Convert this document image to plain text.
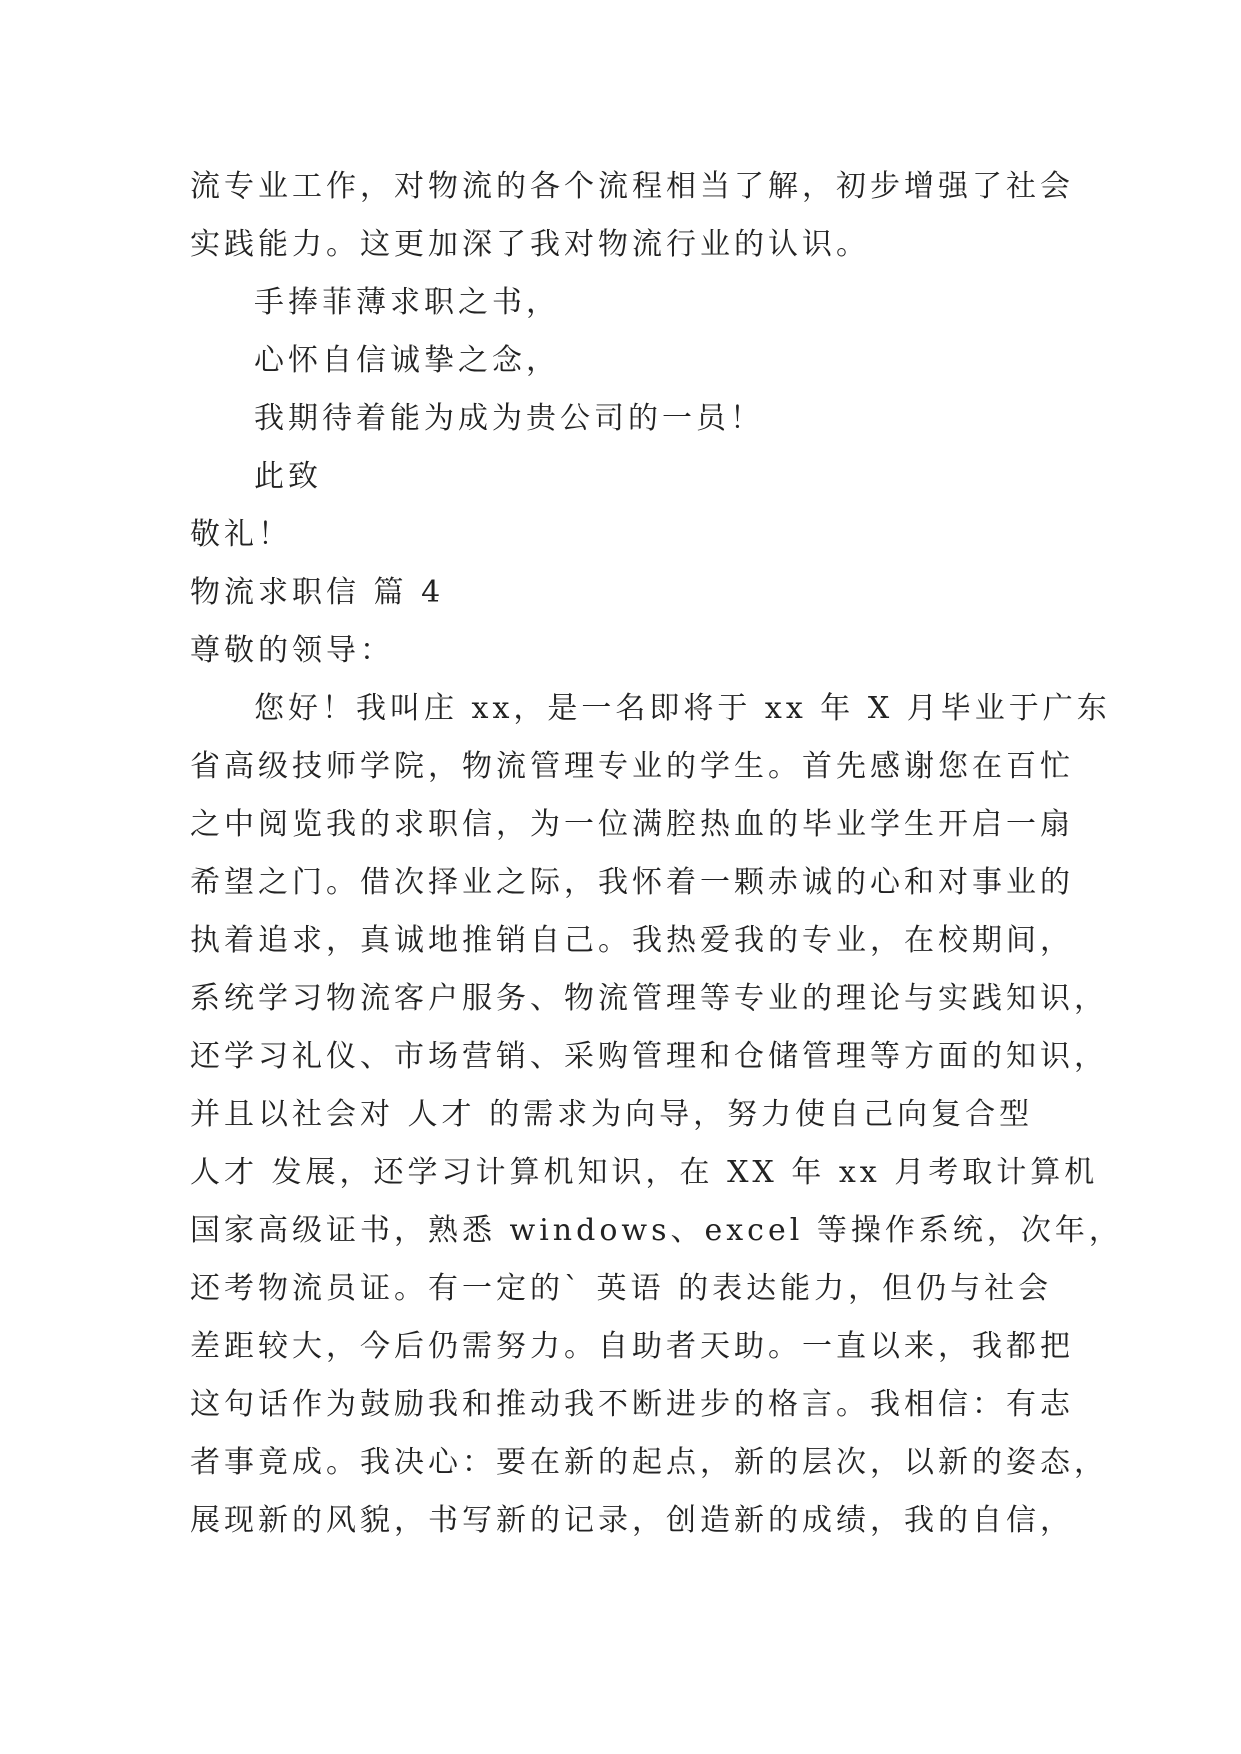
流专业工作，对物流的各个流程相当了解，初步增强了社会
实践能力。这更加深了我对物流行业的认识。
手捧菲薄求职之书，
心怀自信诚挚之念，
我期待着能为成为贵公司的一员！
此致
敬礼！
物流求职信 篇 4
尊敬的领导：
您好！我叫庄 xx，是一名即将于 xx 年 X 月毕业于广东
省高级技师学院，物流管理专业的学生。首先感谢您在百忙
之中阅览我的求职信，为一位满腔热血的毕业学生开启一扇
希望之门。借次择业之际，我怀着一颗赤诚的心和对事业的
执着追求，真诚地推销自己。我热爱我的专业，在校期间，
系统学习物流客户服务、物流管理等专业的理论与实践知识，
还学习礼仪、市场营销、采购管理和仓储管理等方面的知识，
并且以社会对 人才 的需求为向导，努力使自己向复合型
人才 发展，还学习计算机知识，在 XX 年 xx 月考取计算机
国家高级证书，熟悉 windows、excel 等操作系统，次年，
还考物流员证。有一定的` 英语 的表达能力，但仍与社会
差距较大，今后仍需努力。自助者天助。一直以来，我都把
这句话作为鼓励我和推动我不断进步的格言。我相信：有志
者事竟成。我决心：要在新的起点，新的层次，以新的姿态，
展现新的风貌，书写新的记录，创造新的成绩，我的自信，
